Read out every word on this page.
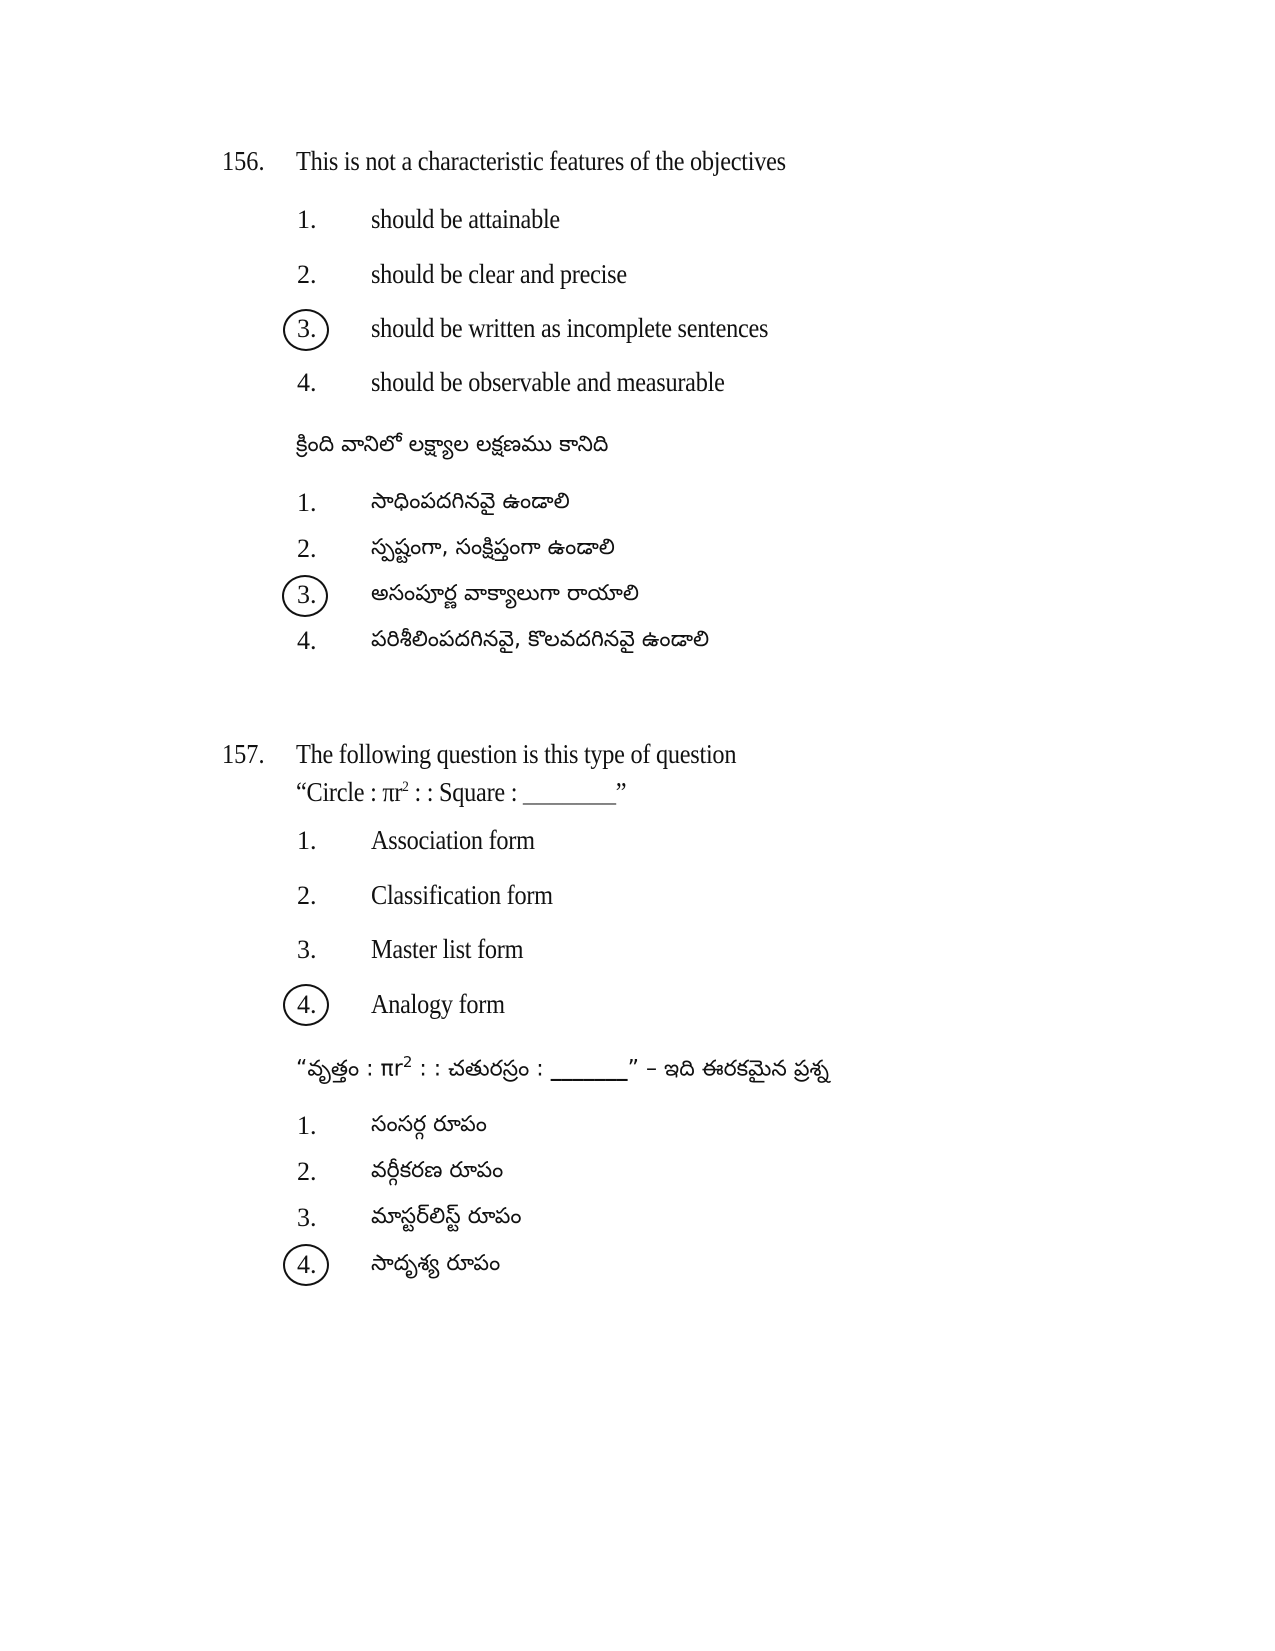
156. This is not a characteristic features of the objectives
1. should be attainable
2. should be clear and precise
3. should be written as incomplete sentences
4. should be observable and measurable
క్రింది వానిలో లక్ష్యాల లక్షణము కానిది
1. సాధింపదగినవై ఉండాలి
2. స్పష్టంగా, సంక్షిప్తంగా ఉండాలి
3. అసంపూర్ణ వాక్యాలుగా రాయాలి
4. పరిశీలింపదగినవై, కొలవదగినవై ఉండాలి
157. The following question is this type of question
“Circle : $\pi r^2$ : : Square : _______”
1. Association form
2. Classification form
3. Master list form
4. Analogy form
“వృత్తం : $\pi r^2$ : : చతురస్రం : _______” – ఇది ఈరకమైన ప్రశ్న
1. సంసర్గ రూపం
2. వర్గీకరణ రూపం
3. మాస్టర్‌లిస్ట్ రూపం
4. సాదృశ్య రూపం
